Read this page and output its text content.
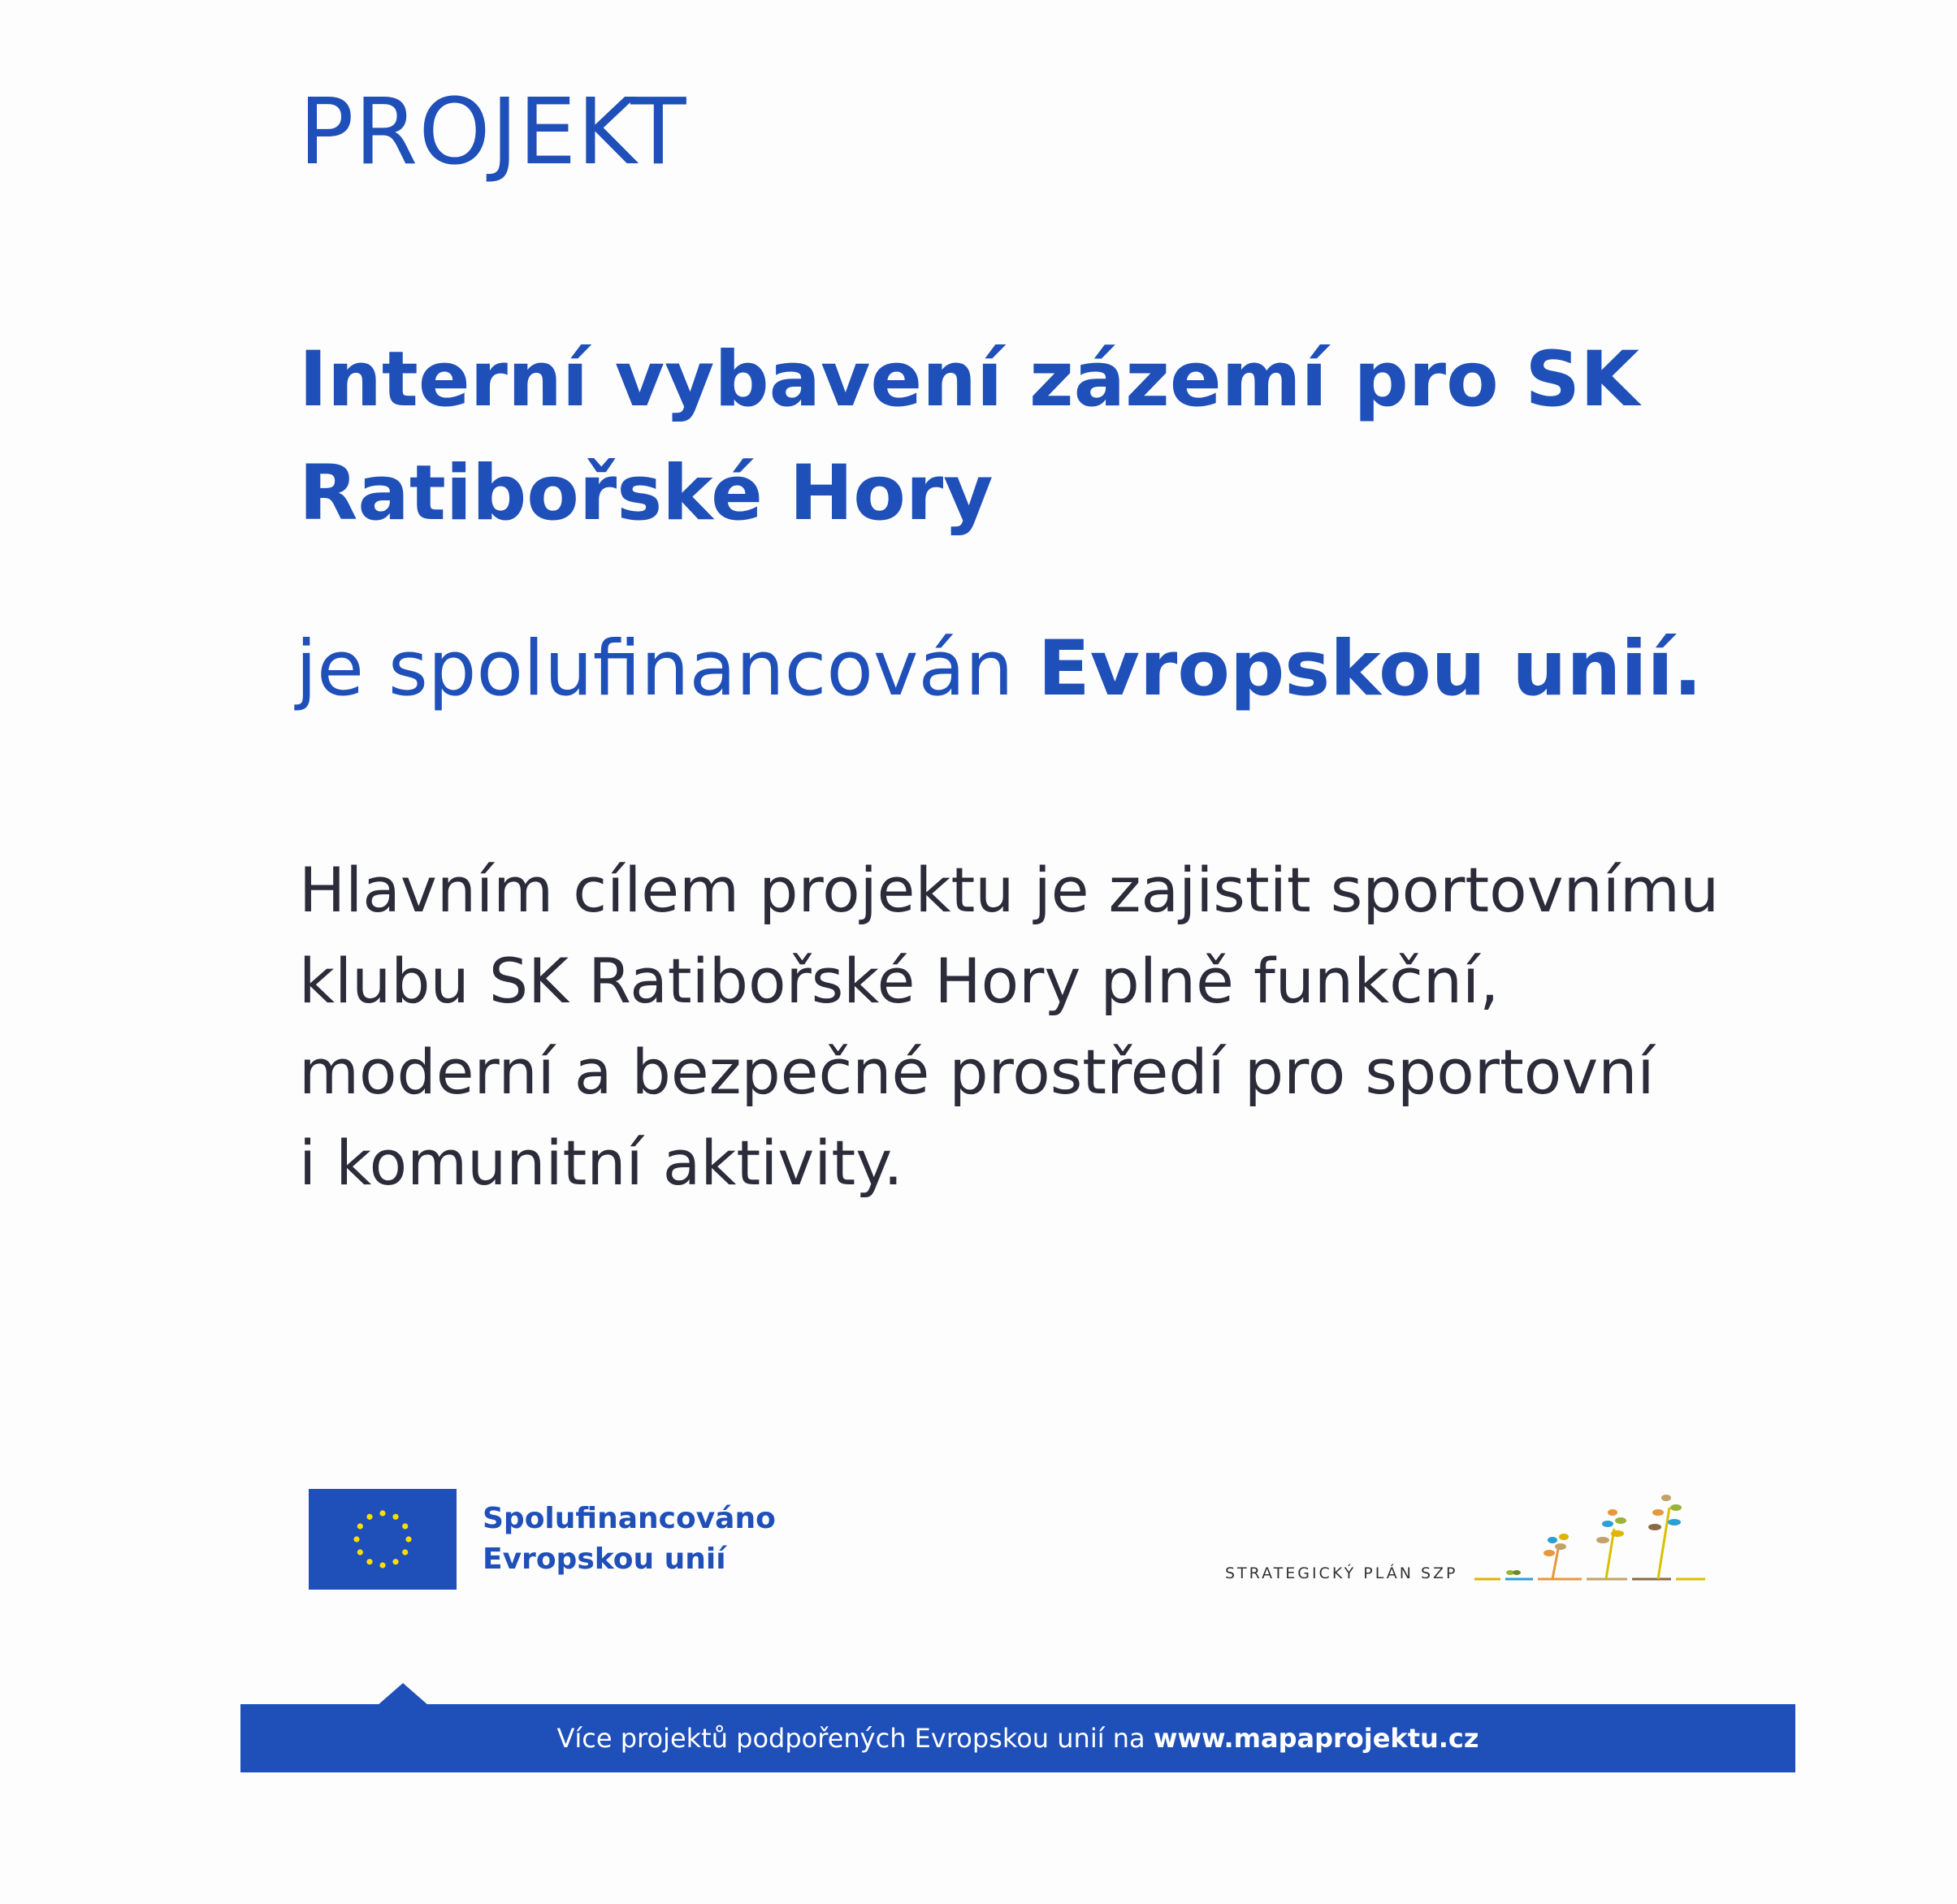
PROJEKT
Interní vybavení zázemí pro SK
Ratibořské Hory
je spolufinancován Evropskou unií.
Hlavním cílem projektu je zajistit sportovnímu
klubu SK Ratibořské Hory plně funkční,
moderní a bezpečné prostředí pro sportovní
i komunitní aktivity.
Spolufinancováno
Evropskou unií	STRATEGICKÝ PLÁN SZP
Více projektů podpořených Evropskou unií na www.mapaprojektu.cz
